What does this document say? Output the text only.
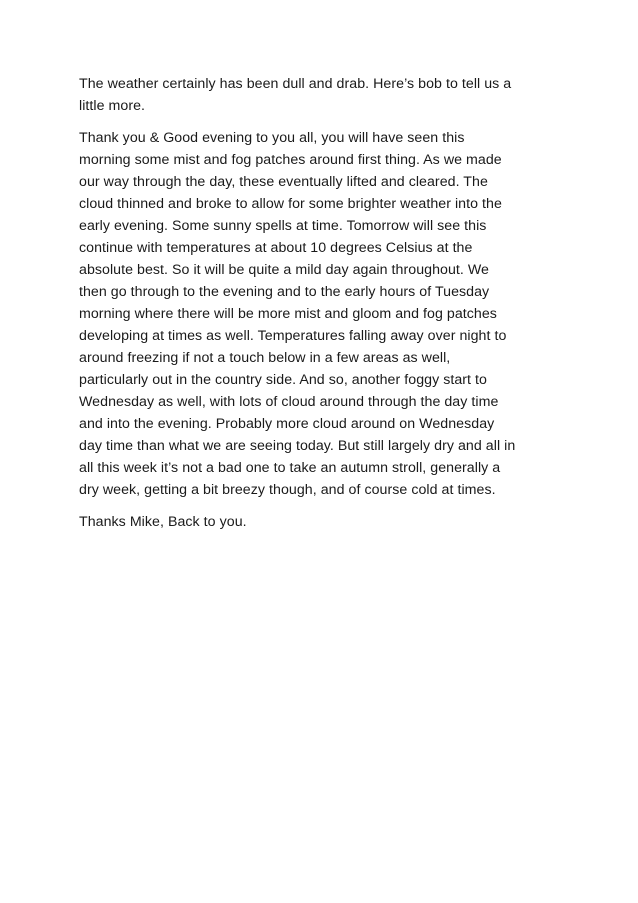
The weather certainly has been dull and drab. Here’s bob to tell us a
little more.

Thank you & Good evening to you all, you will have seen this
morning some mist and fog patches around first thing. As we made
our way through the day, these eventually lifted and cleared. The
cloud thinned and broke to allow for some brighter weather into the
early evening. Some sunny spells at time. Tomorrow will see this
continue with temperatures at about 10 degrees Celsius at the
absolute best. So it will be quite a mild day again throughout. We
then go through to the evening and to the early hours of Tuesday
morning where there will be more mist and gloom and fog patches
developing at times as well. Temperatures falling away over night to
around freezing if not a touch below in a few areas as well,
particularly out in the country side. And so, another foggy start to
Wednesday as well, with lots of cloud around through the day time
and into the evening. Probably more cloud around on Wednesday
day time than what we are seeing today. But still largely dry and all in
all this week it’s not a bad one to take an autumn stroll, generally a
dry week, getting a bit breezy though, and of course cold at times.

Thanks Mike, Back to you.
